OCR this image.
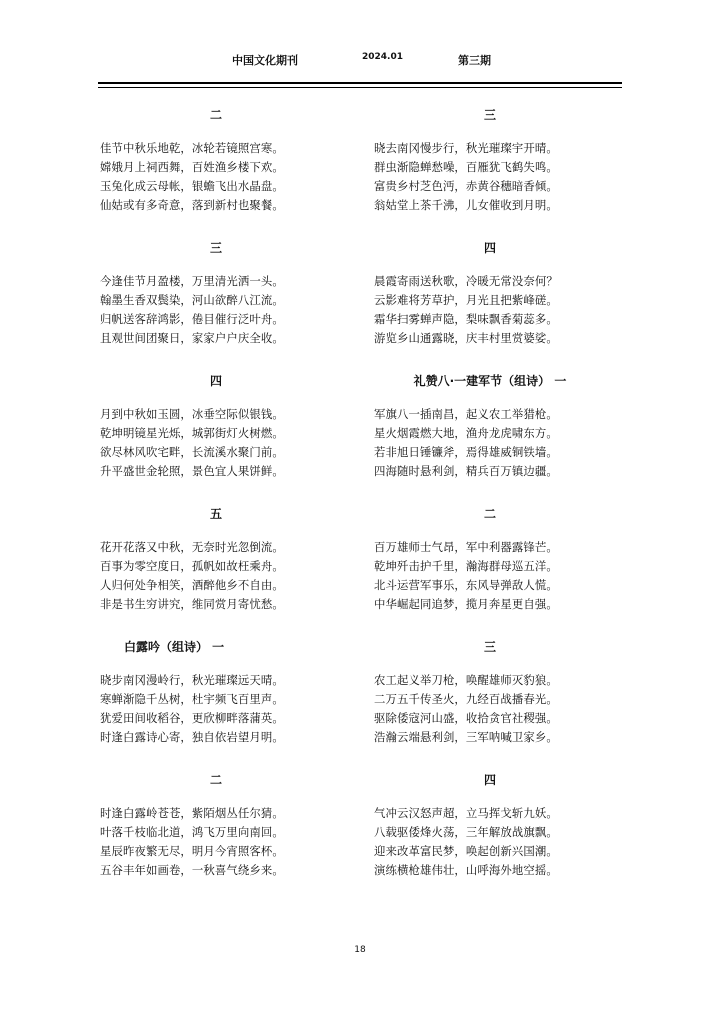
中国文化期刊	2024.01	第三期
二
佳节中秋乐地乾，冰轮若镜照宫寒。
嫦娥月上祠西舞，百姓渔乡楼下欢。
玉兔化成云母帐，银蟾飞出水晶盘。
仙姑或有多奇意，落到新村也聚餐。
三
今逢佳节月盈楼，万里清光洒一头。
翰墨生香双鬓染，河山欲醉八江流。
归帆送客辞鸿影，倦目催行泛叶舟。
且观世间团聚日，家家户户庆全收。
四
月到中秋如玉圆，冰垂空际似银钱。
乾坤明镜星光烁，城郭街灯火树燃。
欲尽林风吹宅畔，长流溪水聚门前。
升平盛世金轮照，景色宜人果饼鲜。
五
花开花落又中秋，无奈时光忽倒流。
百事为零空度日，孤帆如故枉乘舟。
人归何处争相笑，酒醉他乡不自由。
非是书生穷讲究，维同赏月寄忧愁。
白露吟（组诗） 一
晓步南冈漫岭行，秋光璀璨远天晴。
寒蝉渐隐千丛树，杜宇频飞百里声。
犹爱田间收稻谷，更欣柳畔落蒲英。
时逢白露诗心寄，独自依岩望月明。
二
时逢白露岭苍苍，紫陌烟丛任尔猜。
叶落千枝临北道，鸿飞万里向南回。
星辰昨夜繁无尽，明月今宵照客杯。
五谷丰年如画卷，一秋喜气绕乡来。
三
晓去南冈慢步行，秋光璀璨宇开晴。
群虫渐隐蝉愁噪，百雁犹飞鹤失鸣。
富贵乡村芝色沔，赤黄谷穗暗香倾。
翁姑堂上茶千沸，儿女催收到月明。
四
晨霞寄雨送秋歌，冷暖无常没奈何？
云影难将芳草护，月光且把紫峰磋。
霜华扫雾蝉声隐，梨味飘香菊蕊多。
游览乡山通露晓，庆丰村里赏婆娑。
礼赞八·一建军节（组诗） 一
军旗八一插南昌，起义农工举猎枪。
星火烟霞燃大地，渔舟龙虎啸东方。
若非旭日锤镰斧，焉得雄威铜铁墙。
四海随时悬利剑，精兵百万镇边疆。
二
百万雄师士气昂，军中利器露锋芒。
乾坤歼击护千里，瀚海群母巡五洋。
北斗运营军事乐，东风导弹敌人慌。
中华崛起同追梦，揽月奔星更自强。
三
农工起义举刀枪，唤醒雄师灭豹狼。
二万五千传圣火，九经百战播春光。
驱除倭寇河山盛，收拾贪官社稷强。
浩瀚云端悬利剑，三军呐喊卫家乡。
四
气冲云汉怒声超，立马挥戈斩九妖。
八载驱倭烽火荡，三年解放战旗飘。
迎来改革富民梦，唤起创新兴国潮。
演练横枪雄伟壮，山呼海外地空摇。
18
